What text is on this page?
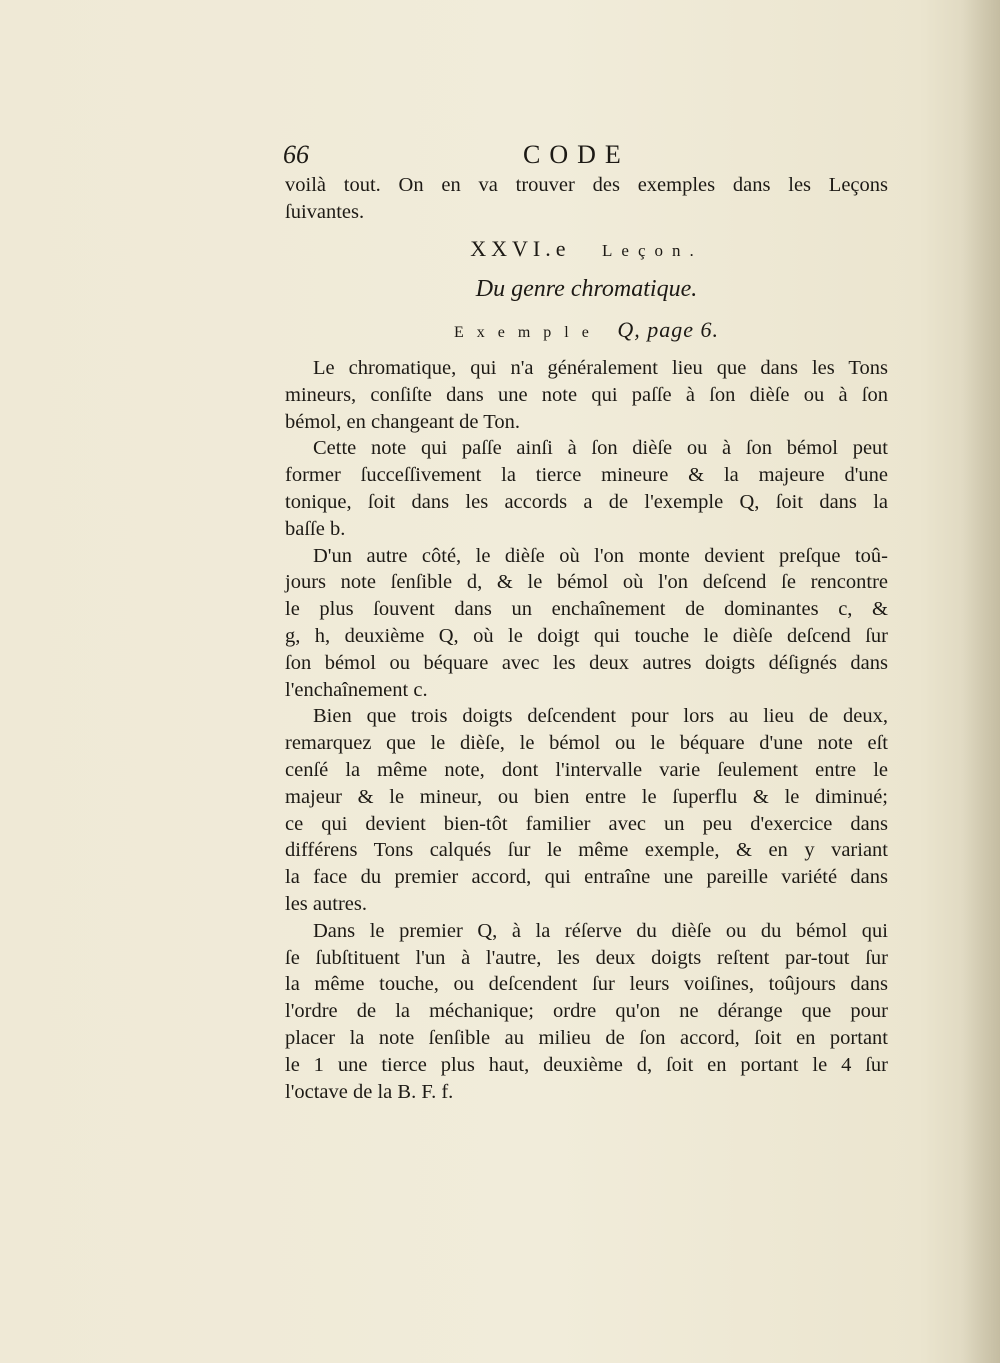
66	CODE
voilà tout. On en va trouver des exemples dans les Leçons
ſuivantes.
XXVI.e Leçon.
Du genre chromatique.
Exemple Q, page 6.
Le chromatique, qui n'a généralement lieu que dans les Tons
mineurs, conſiſte dans une note qui paſſe à ſon dièſe ou à ſon
bémol, en changeant de Ton.
Cette note qui paſſe ainſi à ſon dièſe ou à ſon bémol peut
former ſucceſſivement la tierce mineure & la majeure d'une
tonique, ſoit dans les accords a de l'exemple Q, ſoit dans la
baſſe b.
D'un autre côté, le dièſe où l'on monte devient preſque toû-
jours note ſenſible d, & le bémol où l'on deſcend ſe rencontre
le plus ſouvent dans un enchaînement de dominantes c, &
g, h, deuxième Q, où le doigt qui touche le dièſe deſcend ſur
ſon bémol ou béquare avec les deux autres doigts déſignés dans
l'enchaînement c.
Bien que trois doigts deſcendent pour lors au lieu de deux,
remarquez que le dièſe, le bémol ou le béquare d'une note eſt
cenſé la même note, dont l'intervalle varie ſeulement entre le
majeur & le mineur, ou bien entre le ſuperflu & le diminué;
ce qui devient bien-tôt familier avec un peu d'exercice dans
différens Tons calqués ſur le même exemple, & en y variant
la face du premier accord, qui entraîne une pareille variété dans
les autres.
Dans le premier Q, à la réſerve du dièſe ou du bémol qui
ſe ſubſtituent l'un à l'autre, les deux doigts reſtent par-tout ſur
la même touche, ou deſcendent ſur leurs voiſines, toûjours dans
l'ordre de la méchanique; ordre qu'on ne dérange que pour
placer la note ſenſible au milieu de ſon accord, ſoit en portant
le 1 une tierce plus haut, deuxième d, ſoit en portant le 4 ſur
l'octave de la B. F. f.
